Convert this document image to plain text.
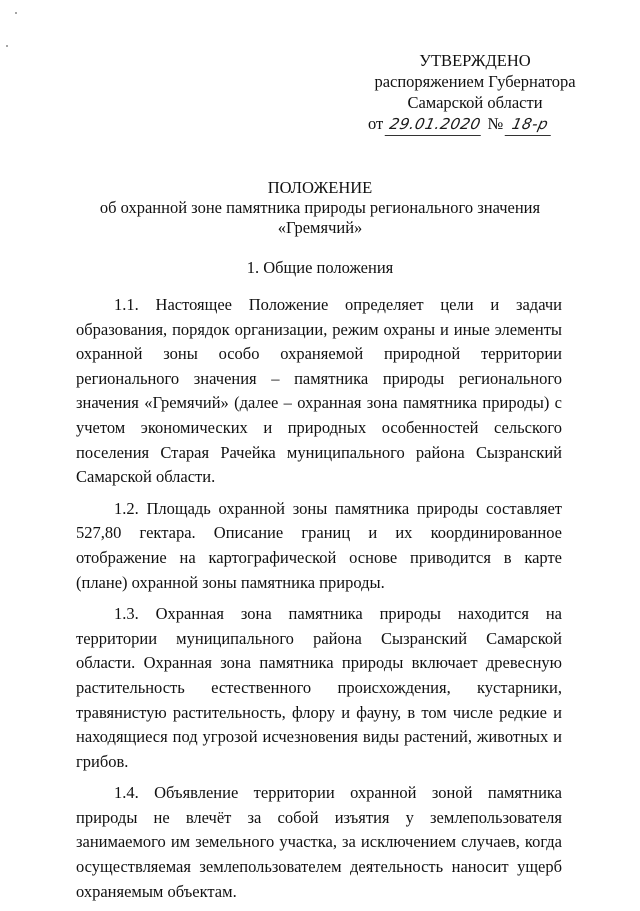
УТВЕРЖДЕНО
распоряжением Губернатора
Самарской области
от 29.01.2020 № 18-р
ПОЛОЖЕНИЕ
об охранной зоне памятника природы регионального значения
«Гремячий»
1. Общие положения

1.1. Настоящее Положение определяет цели и задачи образования, порядок организации, режим охраны и иные элементы охранной зоны особо охраняемой природной территории регионального значения – памятника природы регионального значения «Гремячий» (далее – охранная зона памятника природы) с учетом экономических и природных особенностей сельского поселения Старая Рачейка муниципального района Сызранский Самарской области.

1.2. Площадь охранной зоны памятника природы составляет 527,80 гектара. Описание границ и их координированное отображение на картографической основе приводится в карте (плане) охранной зоны памятника природы.

1.3. Охранная зона памятника природы находится на территории муниципального района Сызранский Самарской области. Охранная зона памятника природы включает древесную растительность естественного происхождения, кустарники, травянистую растительность, флору и фауну, в том числе редкие и находящиеся под угрозой исчезновения виды растений, животных и грибов.

1.4. Объявление территории охранной зоной памятника природы не влечёт за собой изъятия у землепользователя занимаемого им земельного участка, за исключением случаев, когда осуществляемая землепользователем деятельность наносит ущерб охраняемым объектам.
